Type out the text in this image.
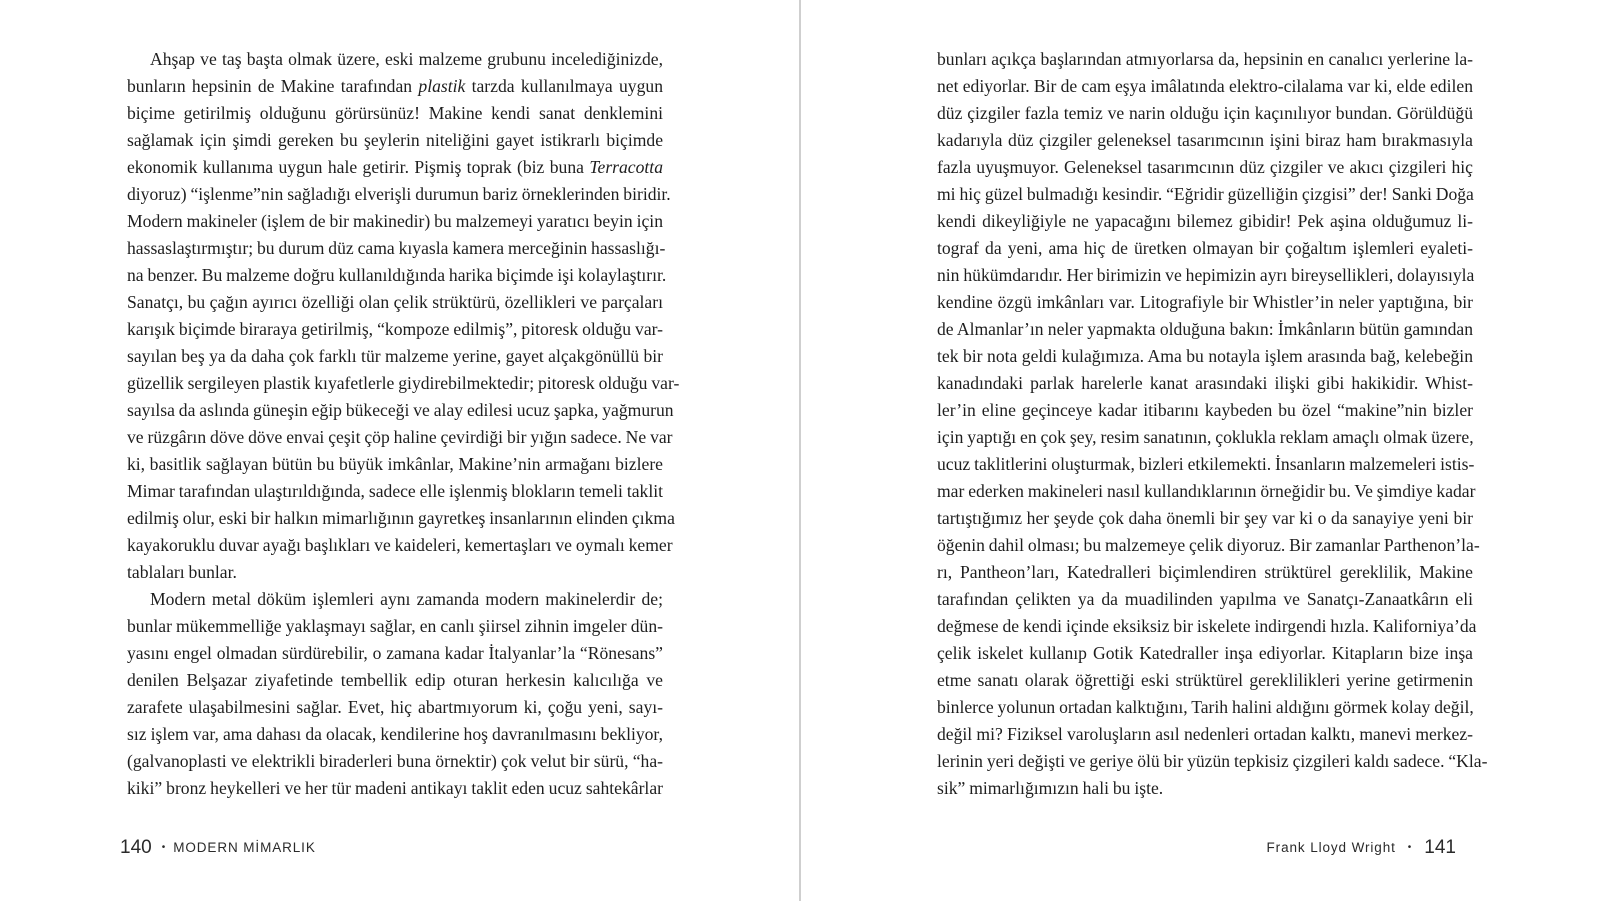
Ahşap ve taş başta olmak üzere, eski malzeme grubunu incelediğinizde,
bunların hepsinin de Makine tarafından plastik tarzda kullanılmaya uygun
biçime getirilmiş olduğunu görürsünüz! Makine kendi sanat denklemini
sağlamak için şimdi gereken bu şeylerin niteliğini gayet istikrarlı biçimde
ekonomik kullanıma uygun hale getirir. Pişmiş toprak (biz buna Terracotta
diyoruz) “işlenme”nin sağladığı elverişli durumun bariz örneklerinden biridir.
Modern makineler (işlem de bir makinedir) bu malzemeyi yaratıcı beyin için
hassaslaştırmıştır; bu durum düz cama kıyasla kamera merceğinin hassaslığı-
na benzer. Bu malzeme doğru kullanıldığında harika biçimde işi kolaylaştırır.
Sanatçı, bu çağın ayırıcı özelliği olan çelik strüktürü, özellikleri ve parçaları
karışık biçimde biraraya getirilmiş, “kompoze edilmiş”, pitoresk olduğu var-
sayılan beş ya da daha çok farklı tür malzeme yerine, gayet alçakgönüllü bir
güzellik sergileyen plastik kıyafetlerle giydirebilmektedir; pitoresk olduğu var-
sayılsa da aslında güneşin eğip bükeceği ve alay edilesi ucuz şapka, yağmurun
ve rüzgârın döve döve envai çeşit çöp haline çevirdiği bir yığın sadece. Ne var
ki, basitlik sağlayan bütün bu büyük imkânlar, Makine’nin armağanı bizlere
Mimar tarafından ulaştırıldığında, sadece elle işlenmiş blokların temeli taklit
edilmiş olur, eski bir halkın mimarlığının gayretkeş insanlarının elinden çıkma
kayakoruklu duvar ayağı başlıkları ve kaideleri, kemertaşları ve oymalı kemer
tablaları bunlar.
Modern metal döküm işlemleri aynı zamanda modern makinelerdir de;
bunlar mükemmelliğe yaklaşmayı sağlar, en canlı şiirsel zihnin imgeler dün-
yasını engel olmadan sürdürebilir, o zamana kadar İtalyanlar’la “Rönesans”
denilen Belşazar ziyafetinde tembellik edip oturan herkesin kalıcılığa ve
zarafete ulaşabilmesini sağlar. Evet, hiç abartmıyorum ki, çoğu yeni, sayı-
sız işlem var, ama dahası da olacak, kendilerine hoş davranılmasını bekliyor,
(galvanoplasti ve elektrikli biraderleri buna örnektir) çok velut bir sürü, “ha-
kiki” bronz heykelleri ve her tür madeni antikayı taklit eden ucuz sahtekârlar
140 • MODERN MİMARLIK
bunları açıkça başlarından atmıyorlarsa da, hepsinin en canalıcı yerlerine la-
net ediyorlar. Bir de cam eşya imâlatında elektro-cilalama var ki, elde edilen
düz çizgiler fazla temiz ve narin olduğu için kaçınılıyor bundan. Görüldüğü
kadarıyla düz çizgiler geleneksel tasarımcının işini biraz ham bırakmasıyla
fazla uyuşmuyor. Geleneksel tasarımcının düz çizgiler ve akıcı çizgileri hiç
mi hiç güzel bulmadığı kesindir. “Eğridir güzelliğin çizgisi” der! Sanki Doğa
kendi dikeyliğiyle ne yapacağını bilemez gibidir! Pek aşina olduğumuz li-
tograf da yeni, ama hiç de üretken olmayan bir çoğaltım işlemleri eyaleti-
nin hükümdarıdır. Her birimizin ve hepimizin ayrı bireysellikleri, dolayısıyla
kendine özgü imkânları var. Litografiyle bir Whistler’in neler yaptığına, bir
de Almanlar’ın neler yapmakta olduğuna bakın: İmkânların bütün gamından
tek bir nota geldi kulağımıza. Ama bu notayla işlem arasında bağ, kelebeğin
kanadındaki parlak harelerle kanat arasındaki ilişki gibi hakikidir. Whist-
ler’in eline geçinceye kadar itibarını kaybeden bu özel “makine”nin bizler
için yaptığı en çok şey, resim sanatının, çoklukla reklam amaçlı olmak üzere,
ucuz taklitlerini oluşturmak, bizleri etkilemekti. İnsanların malzemeleri istis-
mar ederken makineleri nasıl kullandıklarının örneğidir bu. Ve şimdiye kadar
tartıştığımız her şeyde çok daha önemli bir şey var ki o da sanayiye yeni bir
öğenin dahil olması; bu malzemeye çelik diyoruz. Bir zamanlar Parthenon’la-
rı, Pantheon’ları, Katedralleri biçimlendiren strüktürel gereklilik, Makine
tarafından çelikten ya da muadilinden yapılma ve Sanatçı-Zanaatkârın eli
değmese de kendi içinde eksiksiz bir iskelete indirgendi hızla. Kaliforniya’da
çelik iskelet kullanıp Gotik Katedraller inşa ediyorlar. Kitapların bize inşa
etme sanatı olarak öğrettiği eski strüktürel gereklilikleri yerine getirmenin
binlerce yolunun ortadan kalktığını, Tarih halini aldığını görmek kolay değil,
değil mi? Fiziksel varoluşların asıl nedenleri ortadan kalktı, manevi merkez-
lerinin yeri değişti ve geriye ölü bir yüzün tepkisiz çizgileri kaldı sadece. “Kla-
sik” mimarlığımızın hali bu işte.
Frank Lloyd Wright • 141
